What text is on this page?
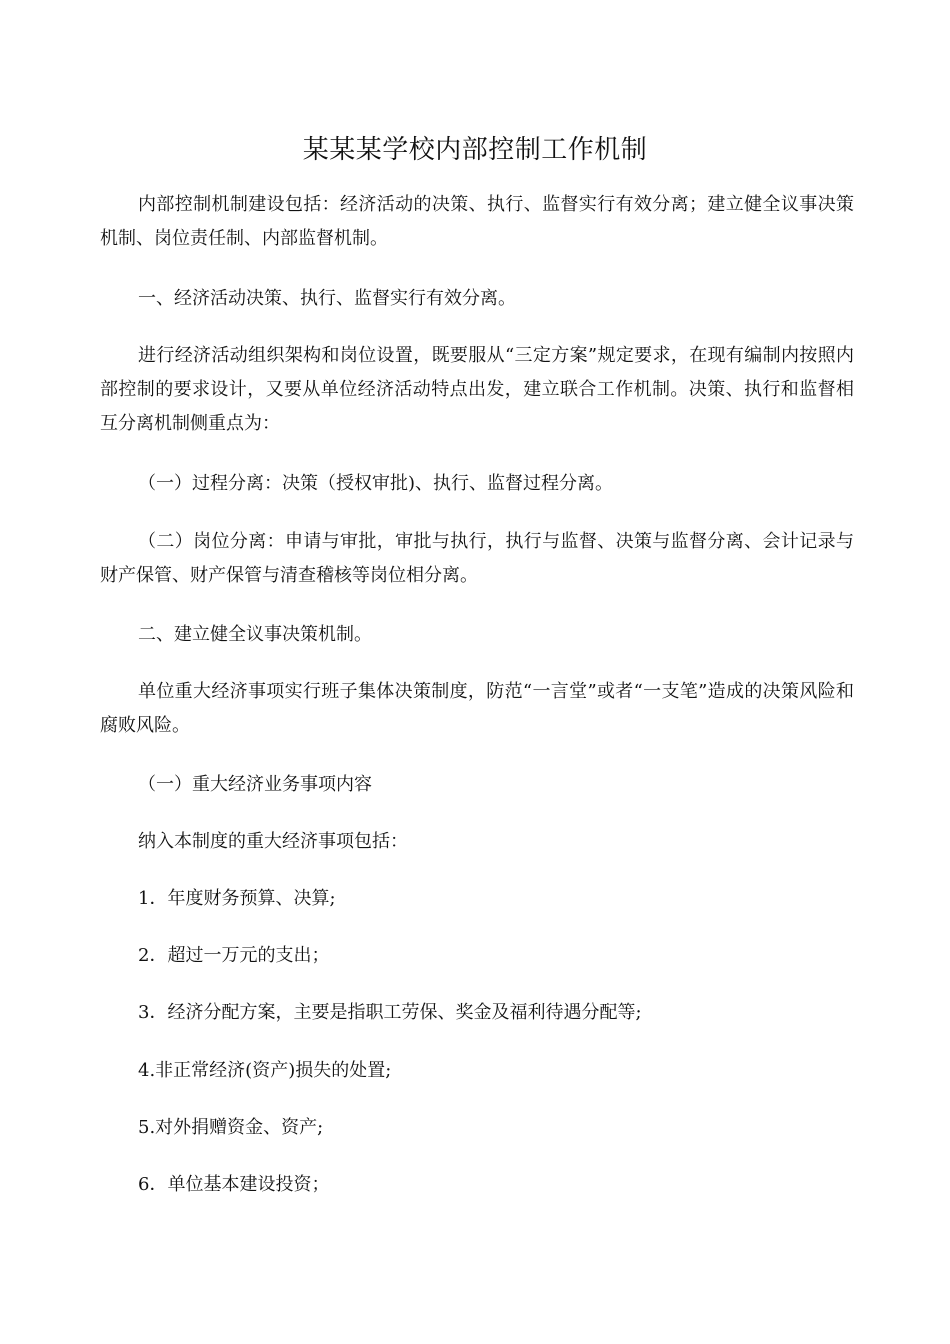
某某某学校内部控制工作机制

内部控制机制建设包括：经济活动的决策、执行、监督实行有效分离；建立健全议事决策机制、岗位责任制、内部监督机制。

一、经济活动决策、执行、监督实行有效分离。

进行经济活动组织架构和岗位设置，既要服从“三定方案”规定要求，在现有编制内按照内部控制的要求设计，又要从单位经济活动特点出发，建立联合工作机制。决策、执行和监督相互分离机制侧重点为：

（一）过程分离：决策（授权审批)、执行、监督过程分离。

（二）岗位分离：申请与审批，审批与执行，执行与监督、决策与监督分离、会计记录与财产保管、财产保管与清查稽核等岗位相分离。

二、建立健全议事决策机制。

单位重大经济事项实行班子集体决策制度，防范“一言堂”或者“一支笔”造成的决策风险和腐败风险。

（一）重大经济业务事项内容

纳入本制度的重大经济事项包括：

1．年度财务预算、决算;

2．超过一万元的支出；

3．经济分配方案，主要是指职工劳保、奖金及福利待遇分配等;

4.非正常经济(资产)损失的处置;

5.对外捐赠资金、资产;

6．单位基本建设投资；
